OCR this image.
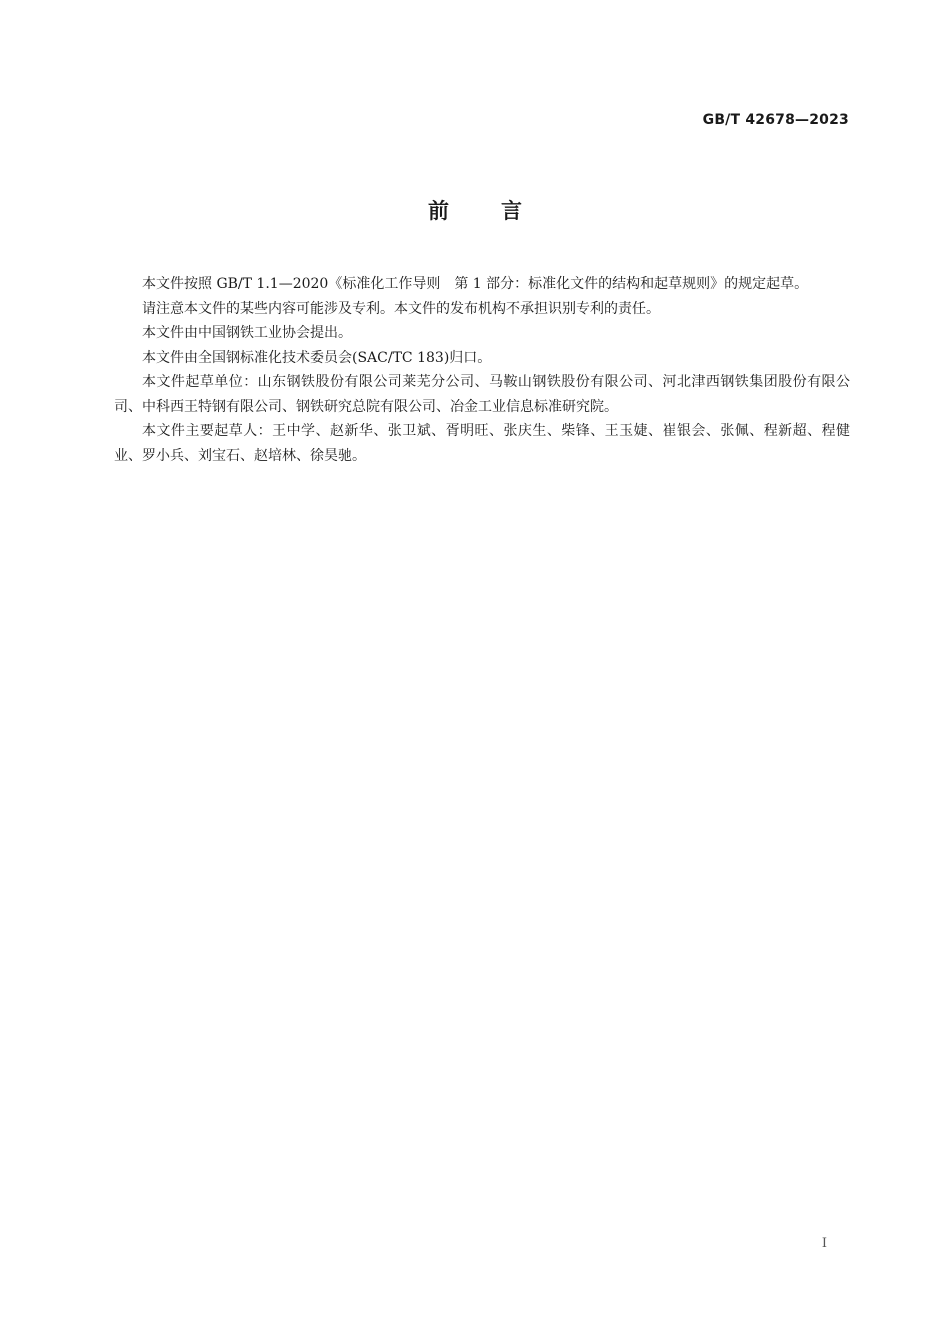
GB/T 42678—2023
前言

本文件按照 GB/T 1.1—2020《标准化工作导则　第 1 部分：标准化文件的结构和起草规则》的规定起草。

请注意本文件的某些内容可能涉及专利。本文件的发布机构不承担识别专利的责任。

本文件由中国钢铁工业协会提出。

本文件由全国钢标准化技术委员会(SAC/TC 183)归口。

本文件起草单位：山东钢铁股份有限公司莱芜分公司、马鞍山钢铁股份有限公司、河北津西钢铁集团股份有限公司、中科西王特钢有限公司、钢铁研究总院有限公司、冶金工业信息标准研究院。

本文件主要起草人：王中学、赵新华、张卫斌、胥明旺、张庆生、柴锋、王玉婕、崔银会、张佩、程新超、程健业、罗小兵、刘宝石、赵培林、徐昊驰。

I
